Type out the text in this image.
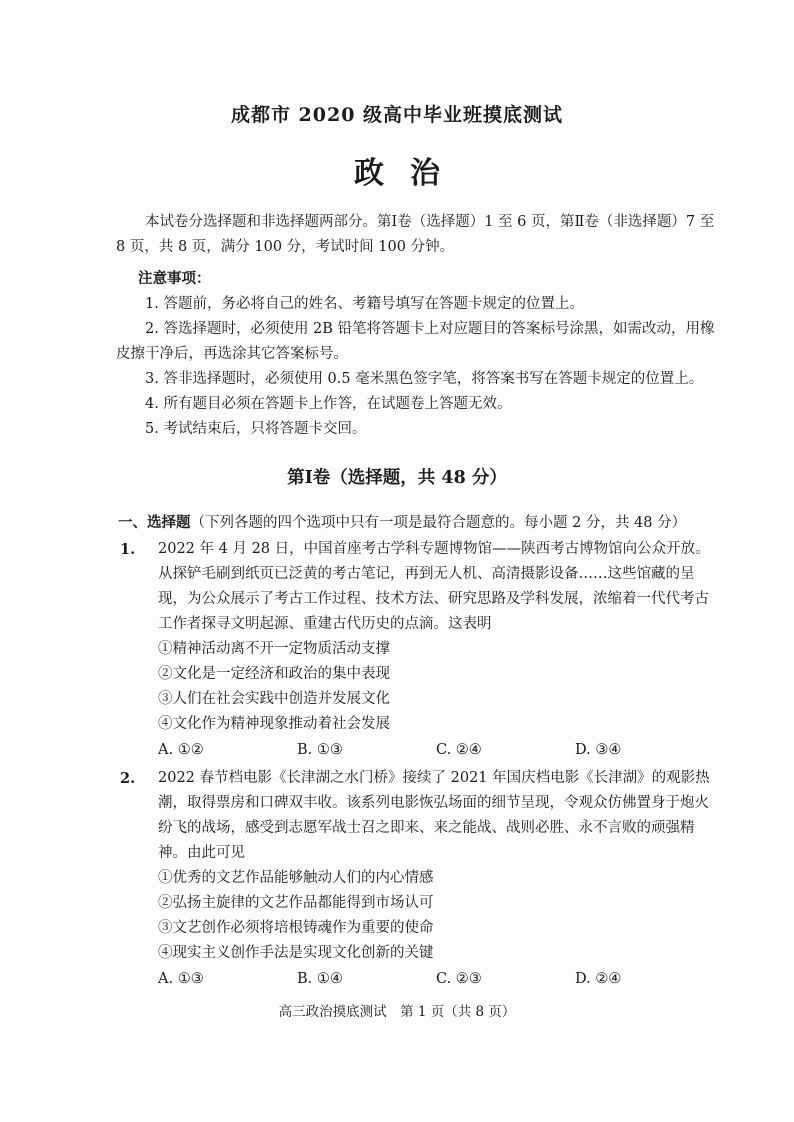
成都市 2020 级高中毕业班摸底测试
政治
本试卷分选择题和非选择题两部分。第Ⅰ卷（选择题）1 至 6 页，第Ⅱ卷（非选择题）7 至 8 页，共 8 页，满分 100 分，考试时间 100 分钟。
注意事项：

1. 答题前，务必将自己的姓名、考籍号填写在答题卡规定的位置上。

2. 答选择题时，必须使用 2B 铅笔将答题卡上对应题目的答案标号涂黑，如需改动，用橡皮擦干净后，再选涂其它答案标号。

3. 答非选择题时，必须使用 0.5 毫米黑色签字笔，将答案书写在答题卡规定的位置上。

4. 所有题目必须在答题卡上作答，在试题卷上答题无效。

5. 考试结束后，只将答题卡交回。

第Ⅰ卷（选择题，共 48 分）
一、选择题（下列各题的四个选项中只有一项是最符合题意的。每小题 2 分，共 48 分）
1. 2022 年 4 月 28 日，中国首座考古学科专题博物馆——陕西考古博物馆向公众开放。从探铲毛刷到纸页已泛黄的考古笔记，再到无人机、高清摄影设备……这些馆藏的呈现，为公众展示了考古工作过程、技术方法、研究思路及学科发展，浓缩着一代代考古工作者探寻文明起源、重建古代历史的点滴。这表明

①精神活动离不开一定物质活动支撑
②文化是一定经济和政治的集中表现
③人们在社会实践中创造并发展文化
④文化作为精神现象推动着社会发展
A. ①②	B. ①③	C. ②④	D. ③④
2. 2022 春节档电影《长津湖之水门桥》接续了 2021 年国庆档电影《长津湖》的观影热潮，取得票房和口碑双丰收。该系列电影恢弘场面的细节呈现，令观众仿佛置身于炮火纷飞的战场，感受到志愿军战士召之即来、来之能战、战则必胜、永不言败的顽强精神。由此可见

①优秀的文艺作品能够触动人们的内心情感
②弘扬主旋律的文艺作品都能得到市场认可
③文艺创作必须将培根铸魂作为重要的使命
④现实主义创作手法是实现文化创新的关键
A. ①③	B. ①④	C. ②③	D. ②④
高三政治摸底测试　第 1 页（共 8 页）
